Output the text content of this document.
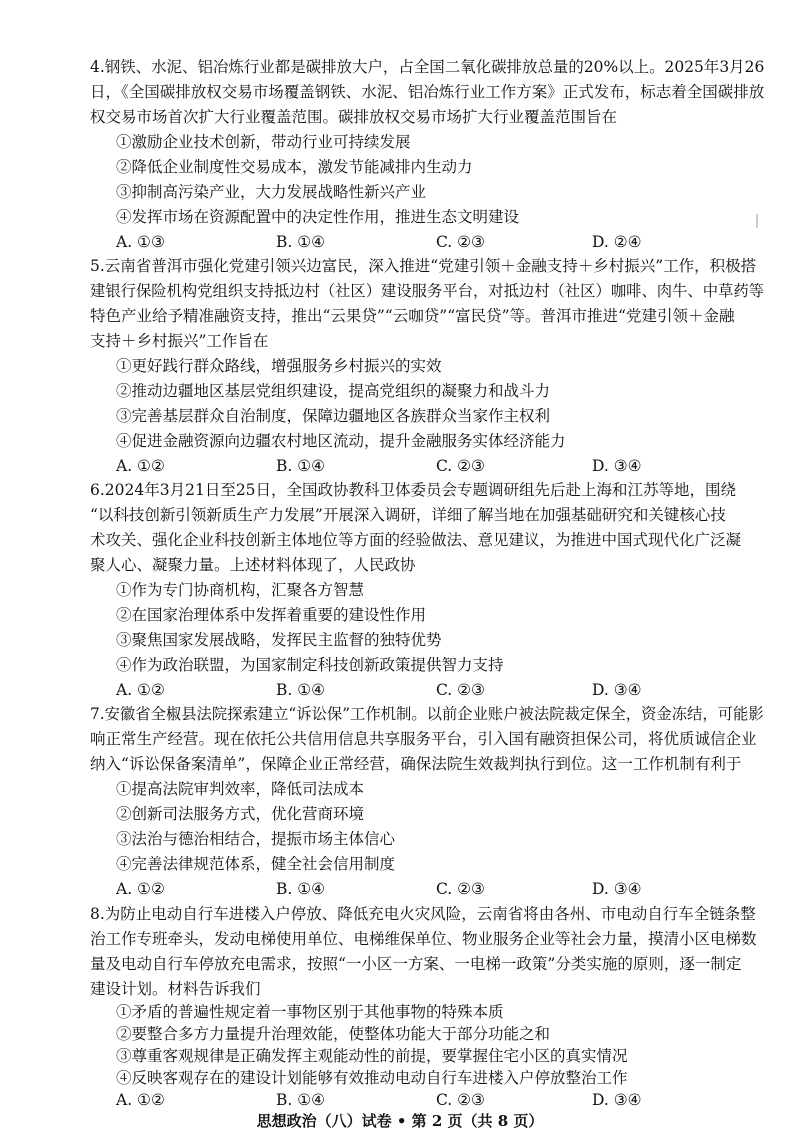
4.钢铁、水泥、铝冶炼行业都是碳排放大户，占全国二氧化碳排放总量的20%以上。2025年3月26
日，《全国碳排放权交易市场覆盖钢铁、水泥、铝冶炼行业工作方案》正式发布，标志着全国碳排放
权交易市场首次扩大行业覆盖范围。碳排放权交易市场扩大行业覆盖范围旨在
①激励企业技术创新，带动行业可持续发展
②降低企业制度性交易成本，激发节能减排内生动力
③抑制高污染产业，大力发展战略性新兴产业
④发挥市场在资源配置中的决定性作用，推进生态文明建设
A. ①③	B. ①④	C. ②③	D. ②④
5.云南省普洱市强化党建引领兴边富民，深入推进“党建引领＋金融支持＋乡村振兴”工作，积极搭
建银行保险机构党组织支持抵边村（社区）建设服务平台，对抵边村（社区）咖啡、肉牛、中草药等
特色产业给予精准融资支持，推出“云果贷”“云咖贷”“富民贷”等。普洱市推进“党建引领＋金融
支持＋乡村振兴”工作旨在
①更好践行群众路线，增强服务乡村振兴的实效
②推动边疆地区基层党组织建设，提高党组织的凝聚力和战斗力
③完善基层群众自治制度，保障边疆地区各族群众当家作主权利
④促进金融资源向边疆农村地区流动，提升金融服务实体经济能力
A. ①②	B. ①④	C. ②③	D. ③④
6.2024年3月21日至25日，全国政协教科卫体委员会专题调研组先后赴上海和江苏等地，围绕
“以科技创新引领新质生产力发展”开展深入调研，详细了解当地在加强基础研究和关键核心技
术攻关、强化企业科技创新主体地位等方面的经验做法、意见建议，为推进中国式现代化广泛凝
聚人心、凝聚力量。上述材料体现了，人民政协
①作为专门协商机构，汇聚各方智慧
②在国家治理体系中发挥着重要的建设性作用
③聚焦国家发展战略，发挥民主监督的独特优势
④作为政治联盟，为国家制定科技创新政策提供智力支持
A. ①②	B. ①④	C. ②③	D. ③④
7.安徽省全椒县法院探索建立“诉讼保”工作机制。以前企业账户被法院裁定保全，资金冻结，可能影
响正常生产经营。现在依托公共信用信息共享服务平台，引入国有融资担保公司，将优质诚信企业
纳入“诉讼保备案清单”，保障企业正常经营，确保法院生效裁判执行到位。这一工作机制有利于
①提高法院审判效率，降低司法成本
②创新司法服务方式，优化营商环境
③法治与德治相结合，提振市场主体信心
④完善法律规范体系，健全社会信用制度
A. ①②	B. ①④	C. ②③	D. ③④
8.为防止电动自行车进楼入户停放、降低充电火灾风险，云南省将由各州、市电动自行车全链条整
治工作专班牵头，发动电梯使用单位、电梯维保单位、物业服务企业等社会力量，摸清小区电梯数
量及电动自行车停放充电需求，按照“一小区一方案、一电梯一政策”分类实施的原则，逐一制定
建设计划。材料告诉我们
①矛盾的普遍性规定着一事物区别于其他事物的特殊本质
②要整合多方力量提升治理效能，使整体功能大于部分功能之和
③尊重客观规律是正确发挥主观能动性的前提，要掌握住宅小区的真实情况
④反映客观存在的建设计划能够有效推动电动自行车进楼入户停放整治工作
A. ①②	B. ①④	C. ②③	D. ③④
思想政治（八）试卷 • 第 2 页（共 8 页）
